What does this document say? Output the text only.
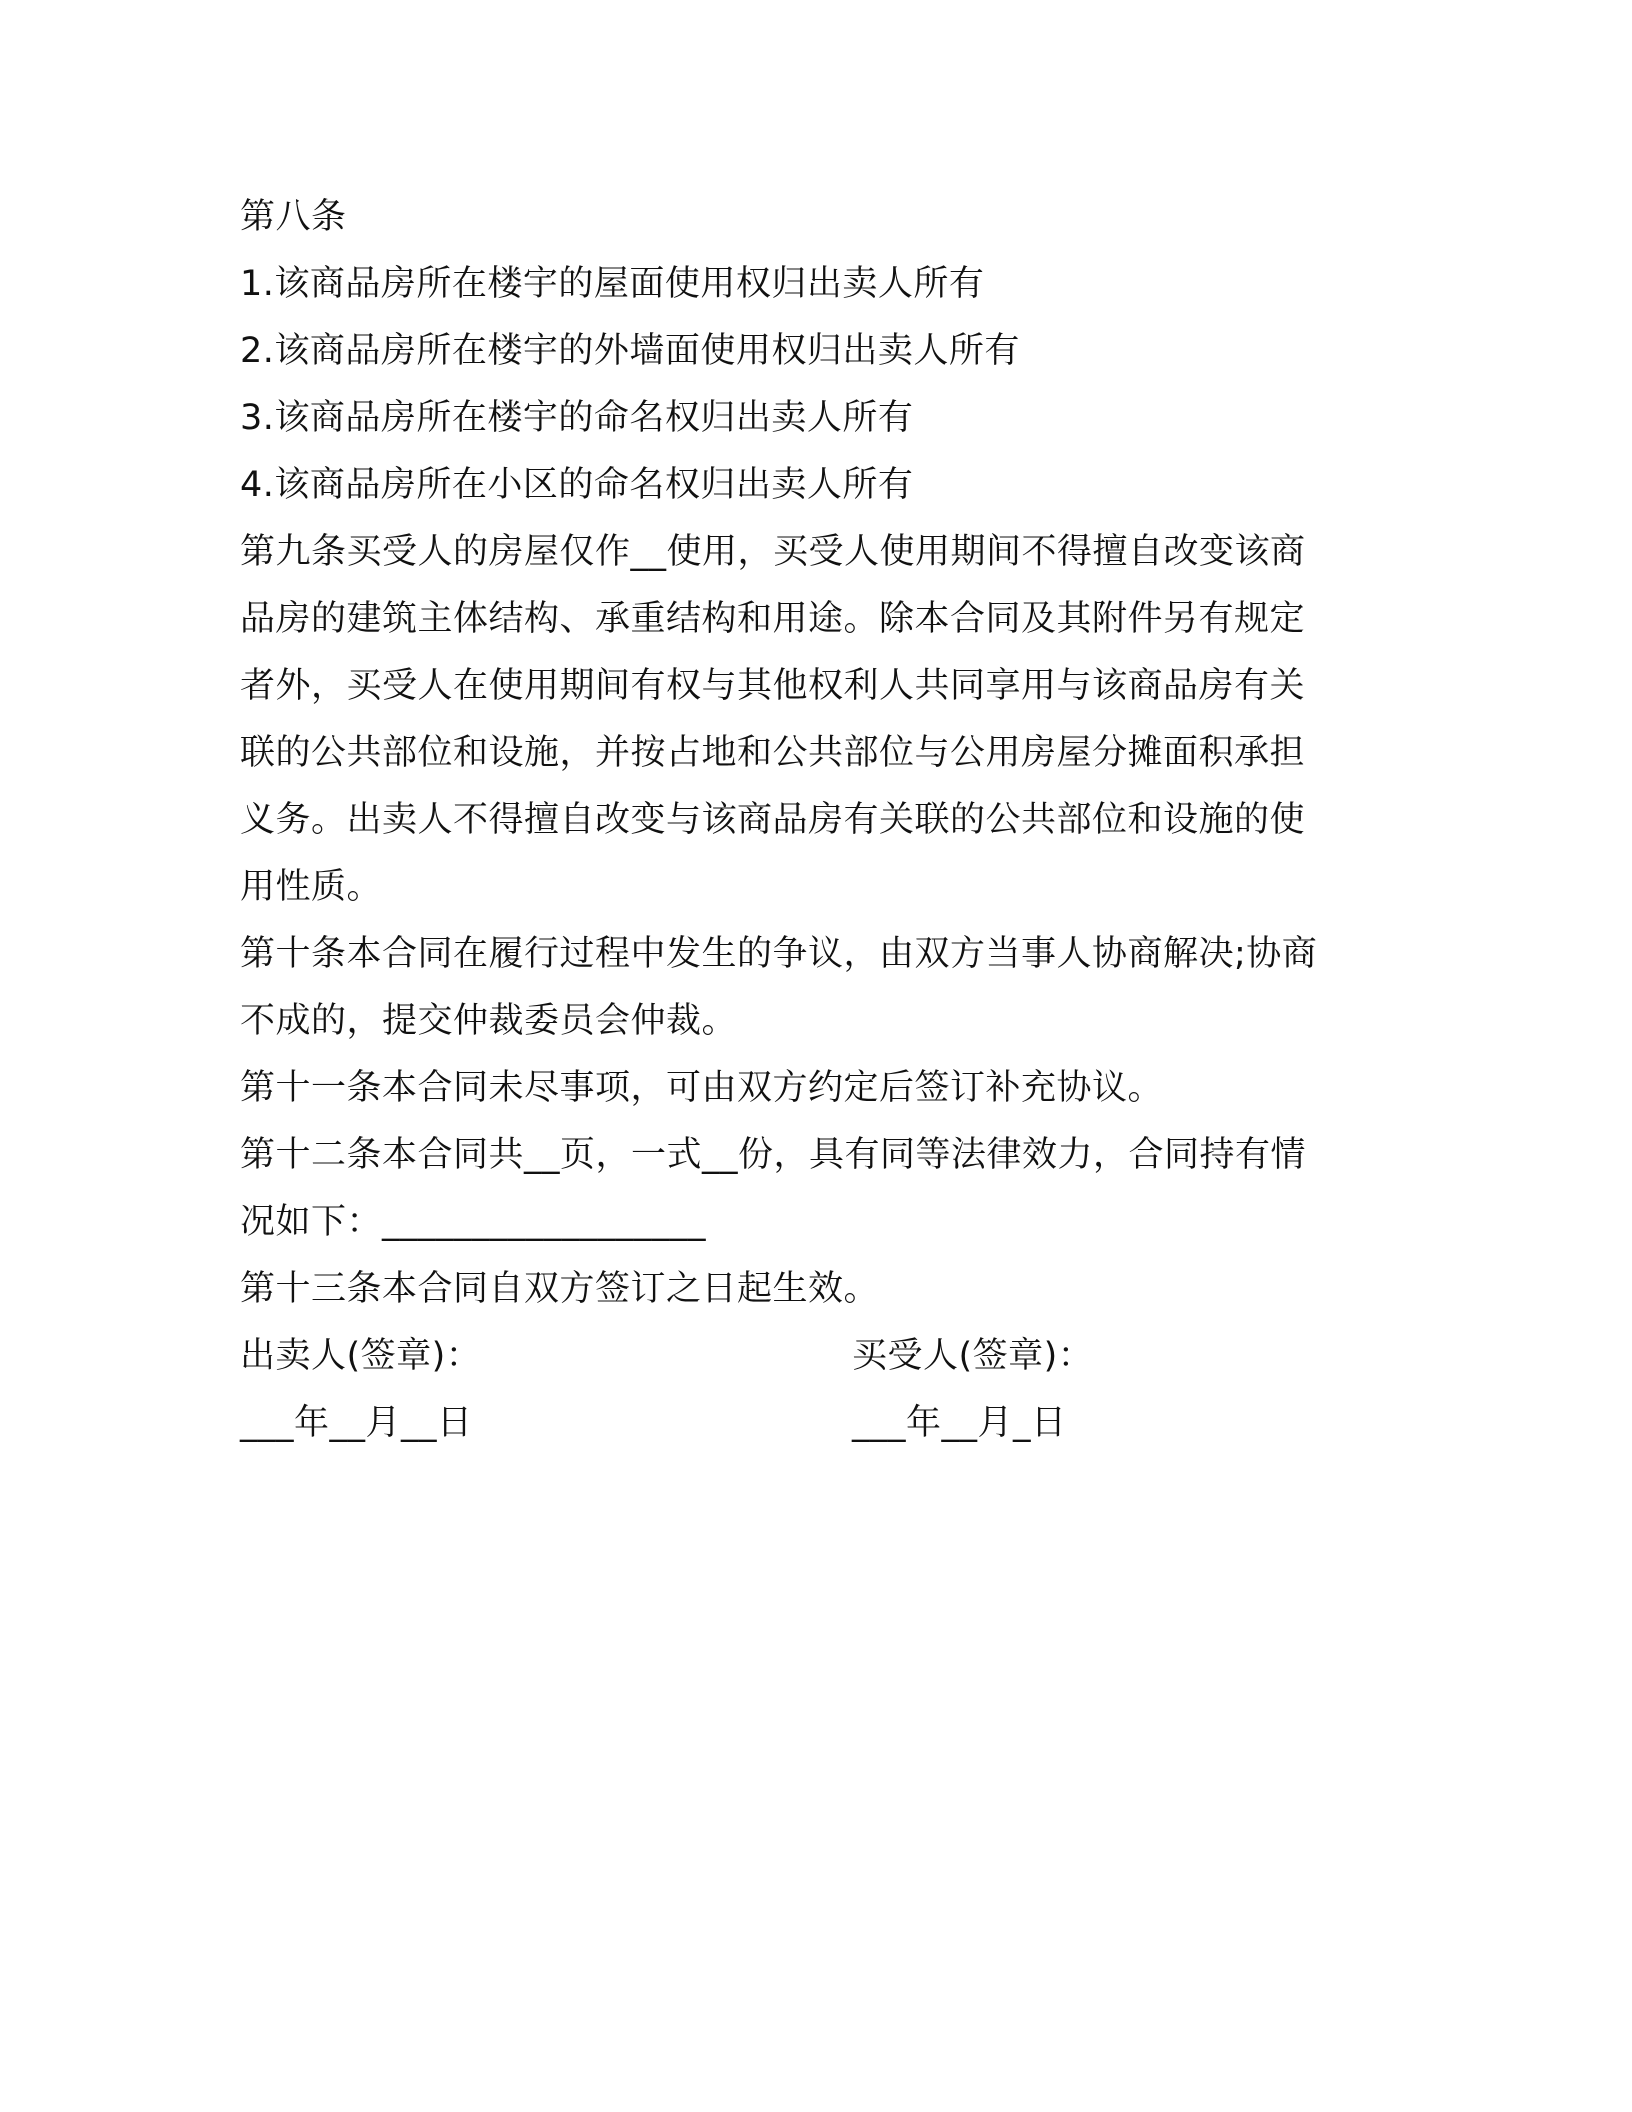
第八条
1.该商品房所在楼宇的屋面使用权归出卖人所有
2.该商品房所在楼宇的外墙面使用权归出卖人所有
3.该商品房所在楼宇的命名权归出卖人所有
4.该商品房所在小区的命名权归出卖人所有
第九条买受人的房屋仅作__使用，买受人使用期间不得擅自改变该商
品房的建筑主体结构、承重结构和用途。除本合同及其附件另有规定
者外，买受人在使用期间有权与其他权利人共同享用与该商品房有关
联的公共部位和设施，并按占地和公共部位与公用房屋分摊面积承担
义务。出卖人不得擅自改变与该商品房有关联的公共部位和设施的使
用性质。
第十条本合同在履行过程中发生的争议，由双方当事人协商解决;协商
不成的，提交仲裁委员会仲裁。
第十一条本合同未尽事项，可由双方约定后签订补充协议。
第十二条本合同共__页，一式__份，具有同等法律效力，合同持有情
况如下：__________________
第十三条本合同自双方签订之日起生效。
出卖人(签章)：	买受人(签章)：
___年__月__日	___年__月_日
